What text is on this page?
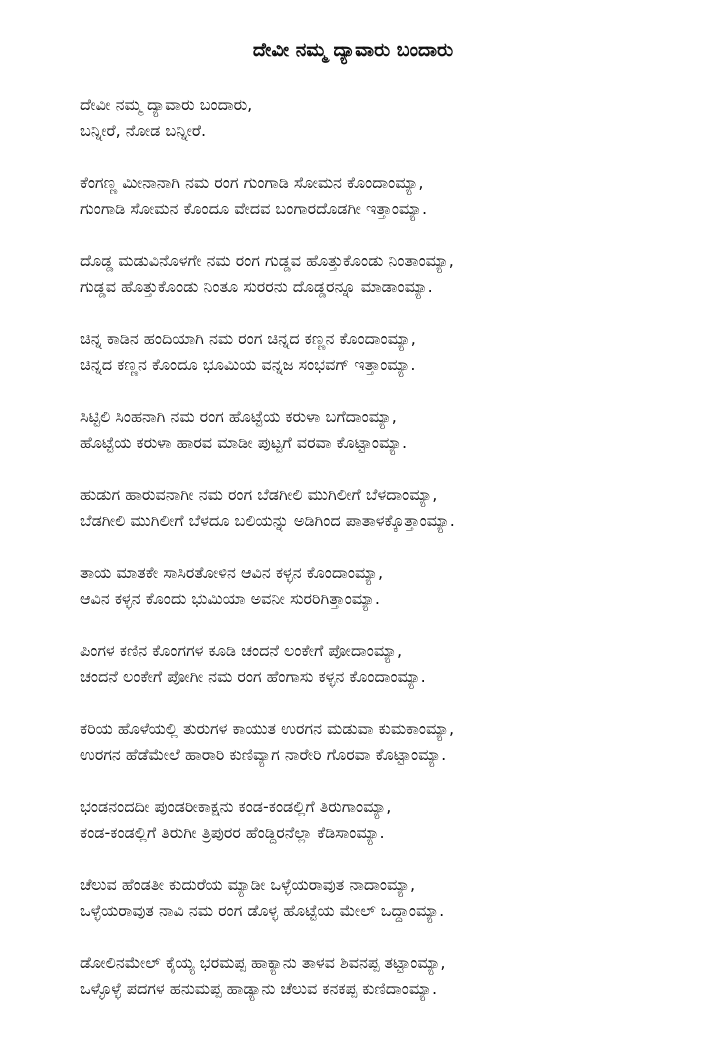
ದೇವೀ ನಮ್ಮ ದ್ಯಾವಾರು ಬಂದಾರು
ದೇವೀ ನಮ್ಮ ದ್ಯಾವಾರು ಬಂದಾರು,
ಬನ್ನೀರೆ, ನೋಡ ಬನ್ನೀರೆ.
ಕೆಂಗಣ್ಣ ಮೀನಾನಾಗಿ ನಮ ರಂಗ ಗುಂಗಾಡಿ ಸೋಮನ ಕೊಂದಾಂಮ್ಯಾ,
ಗುಂಗಾಡಿ ಸೋಮನ ಕೊಂದೂ ವೇದವ ಬಂಗಾರದೊಡಗೀ ಇತ್ತಾಂಮ್ಯಾ.
ದೊಡ್ಡ ಮಡುವಿನೊಳಗೇ ನಮ ರಂಗ ಗುಡ್ಡವ ಹೊತ್ತುಕೊಂಡು ನಿಂತಾಂಮ್ಯಾ,
ಗುಡ್ಡವ ಹೊತ್ತುಕೊಂಡು ನಿಂತೂ ಸುರರನು ದೊಡ್ಡರನ್ನೂ ಮಾಡಾಂಮ್ಯಾ.
ಚಿನ್ನ ಕಾಡಿನ ಹಂದಿಯಾಗಿ ನಮ ರಂಗ ಚಿನ್ನದ ಕಣ್ಣನ ಕೊಂದಾಂಮ್ಯಾ,
ಚಿನ್ನದ ಕಣ್ಣನ ಕೊಂದೂ ಭೂಮಿಯ ವನ್ನಜ ಸಂಭವಗ್ ಇತ್ತಾಂಮ್ಯಾ.
ಸಿಟ್ಟಿಲಿ ಸಿಂಹನಾಗಿ ನಮ ರಂಗ ಹೊಟ್ಟೆಯ ಕರುಳಾ ಬಗೆದಾಂಮ್ಯಾ,
ಹೊಟ್ಟೆಯ ಕರುಳಾ ಹಾರವ ಮಾಡೀ ಪುಟ್ಟಗೆ ವರವಾ ಕೊಟ್ಟಾಂಮ್ಯಾ.
ಹುಡುಗ ಹಾರುವನಾಗೀ ನಮ ರಂಗ ಬೆಡಗೀಲಿ ಮುಗಿಲೀಗೆ ಬೆಳದಾಂಮ್ಯಾ,
ಬೆಡಗೀಲಿ ಮುಗಿಲೀಗೆ ಬೆಳದೂ ಬಲಿಯನ್ನು ಅಡಿಗಿಂದ ಪಾತಾಳಕ್ಕೊತ್ತಾಂಮ್ಯಾ.
ತಾಯ ಮಾತಕೇ ಸಾಸಿರತೋಳಿನ ಆವಿನ ಕಳ್ಳನ ಕೊಂದಾಂಮ್ಯಾ,
ಆವಿನ ಕಳ್ಳನ ಕೊಂದು ಭುಮಿಯಾ ಅವನೀ ಸುರರಿಗಿತ್ತಾಂಮ್ಯಾ.
ಪಿಂಗಳ ಕಣಿನ ಕೊಂಗಗಳ ಕೂಡಿ ಚಂದನೆ ಲಂಕೇಗೆ ಪೋದಾಂಮ್ಯಾ,
ಚಂದನೆ ಲಂಕೇಗೆ ಪೋಗೀ ನಮ ರಂಗ ಹೆಂಗಾಸು ಕಳ್ಳನ ಕೊಂದಾಂಮ್ಯಾ.
ಕರಿಯ ಹೊಳೆಯಲ್ಲಿ ತುರುಗಳ ಕಾಯುತ ಉರಗನ ಮಡುವಾ ಕುಮಕಾಂಮ್ಯಾ,
ಉರಗನ ಹೆಡೆಮೇಲೆ ಹಾರಾರಿ ಕುಣಿವ್ಯಾಗ ನಾರೇರಿ ಗೊರವಾ ಕೊಟ್ಟಾಂಮ್ಯಾ.
ಭಂಡನಂದದೀ ಪುಂಡರೀಕಾಕ್ಷನು ಕಂಡ-ಕಂಡಲ್ಲಿಗೆ ತಿರುಗಾಂಮ್ಯಾ,
ಕಂಡ-ಕಂಡಲ್ಲಿಗೆ ತಿರುಗೀ ತ್ರಿಪುರರ ಹೆಂಡ್ದಿರನೆಲ್ಲಾ ಕೆಡಿಸಾಂಮ್ಯಾ.
ಚೆಲುವ ಹೆಂಡತೀ ಕುದುರೆಯ ಮ್ಯಾಡೀ ಒಳ್ಳೆಯರಾವುತ ನಾದಾಂಮ್ಯಾ,
ಒಳ್ಳೆಯರಾವುತ ನಾವಿ ನಮ ರಂಗ ಡೊಳ್ಳ ಹೊಟ್ಟೆಯ ಮೇಲ್ ಒದ್ದಾಂಮ್ಯಾ.
ಡೋಲಿನಮೇಲ್ ಕೈಯ್ಯ ಭರಮಪ್ಪ ಹಾಕ್ಯಾನು ತಾಳವ ಶಿವನಪ್ಪ ತಟ್ಟಾಂಮ್ಯಾ,
ಒಳ್ಳೊಳ್ಳೆ ಪದಗಳ ಹನುಮಪ್ಪ ಹಾಡ್ಯಾನು ಚೆಲುವ ಕನಕಪ್ಪ ಕುಣಿದಾಂಮ್ಯಾ.
